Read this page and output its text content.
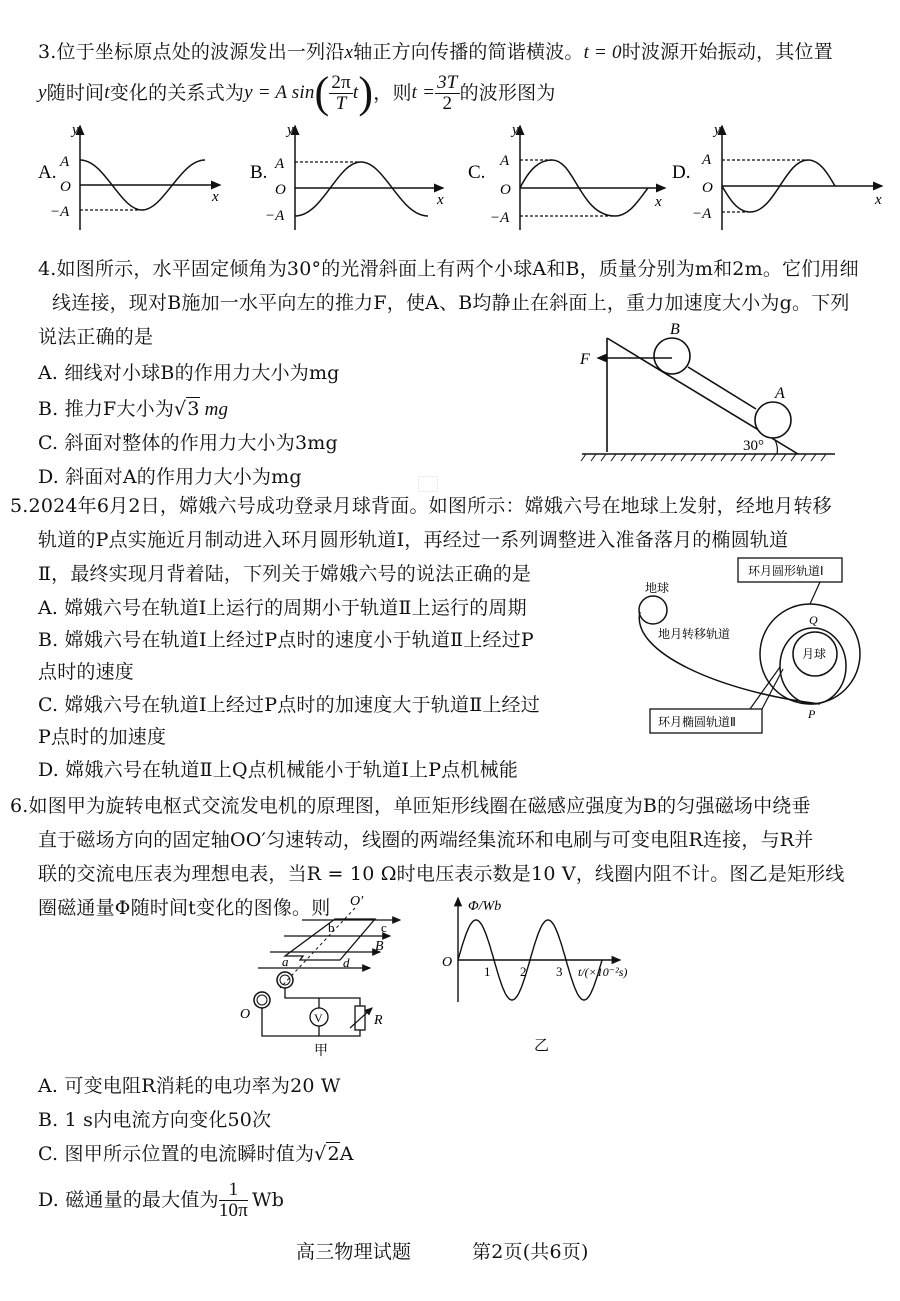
3.位于坐标原点处的波源发出一列沿x轴正方向传播的简谐横波。t = 0时波源开始振动，其位置
y 随时间 t 变化的关系式为 y = A sin ( $\frac{2\pi}{T}$ t ) ，则 $t = \frac{3T}{2}$ 的波形图为
A.
y
x
A
O
−A
B.
y
x
A
O
−A
C.
y
x
A
O
−A
D.
y
x
A
O
−A
4.如图所示，水平固定倾角为30°的光滑斜面上有两个小球A和B，质量分别为m和2m。它们用细
线连接，现对B施加一水平向左的推力F，使A、B均静止在斜面上，重力加速度大小为g。下列
说法正确的是
A. 细线对小球B的作用力大小为mg
B. 推力F大小为√3 mg
C. 斜面对整体的作用力大小为3mg
D. 斜面对A的作用力大小为mg
F
B
A
30°
5.2024年6月2日，嫦娥六号成功登录月球背面。如图所示：嫦娥六号在地球上发射，经地月转移
轨道的P点实施近月制动进入环月圆形轨道Ⅰ，再经过一系列调整进入准备落月的椭圆轨道
Ⅱ，最终实现月背着陆，下列关于嫦娥六号的说法正确的是
A. 嫦娥六号在轨道Ⅰ上运行的周期小于轨道Ⅱ上运行的周期
B. 嫦娥六号在轨道Ⅰ上经过P点时的速度小于轨道Ⅱ上经过P
点时的速度
C. 嫦娥六号在轨道Ⅰ上经过P点时的加速度大于轨道Ⅱ上经过
P点时的加速度
D. 嫦娥六号在轨道Ⅱ上Q点机械能小于轨道Ⅰ上P点机械能
环月圆形轨道Ⅰ
地球
地月转移轨道
月球
Q
P
环月椭圆轨道Ⅱ
6.如图甲为旋转电枢式交流发电机的原理图，单匝矩形线圈在磁感应强度为B的匀强磁场中绕垂
直于磁场方向的固定轴OO′匀速转动，线圈的两端经集流环和电刷与可变电阻R连接，与R并
联的交流电压表为理想电表，当R = 10 Ω时电压表示数是10 V，线圈内阻不计。图乙是矩形线
圈磁通量Φ随时间t变化的图像。则 O′
b	c
B
a	d
O	V	R
甲
Φ/Wb
O
t/(×10⁻²s)
1 2 3
乙
A. 可变电阻R消耗的电功率为20 W
B. 1 s内电流方向变化50次
C. 图甲所示位置的电流瞬时值为√2A
D. 磁通量的最大值为 $\frac{1}{10\pi}$ Wb
高三物理试题	第2页(共6页)
